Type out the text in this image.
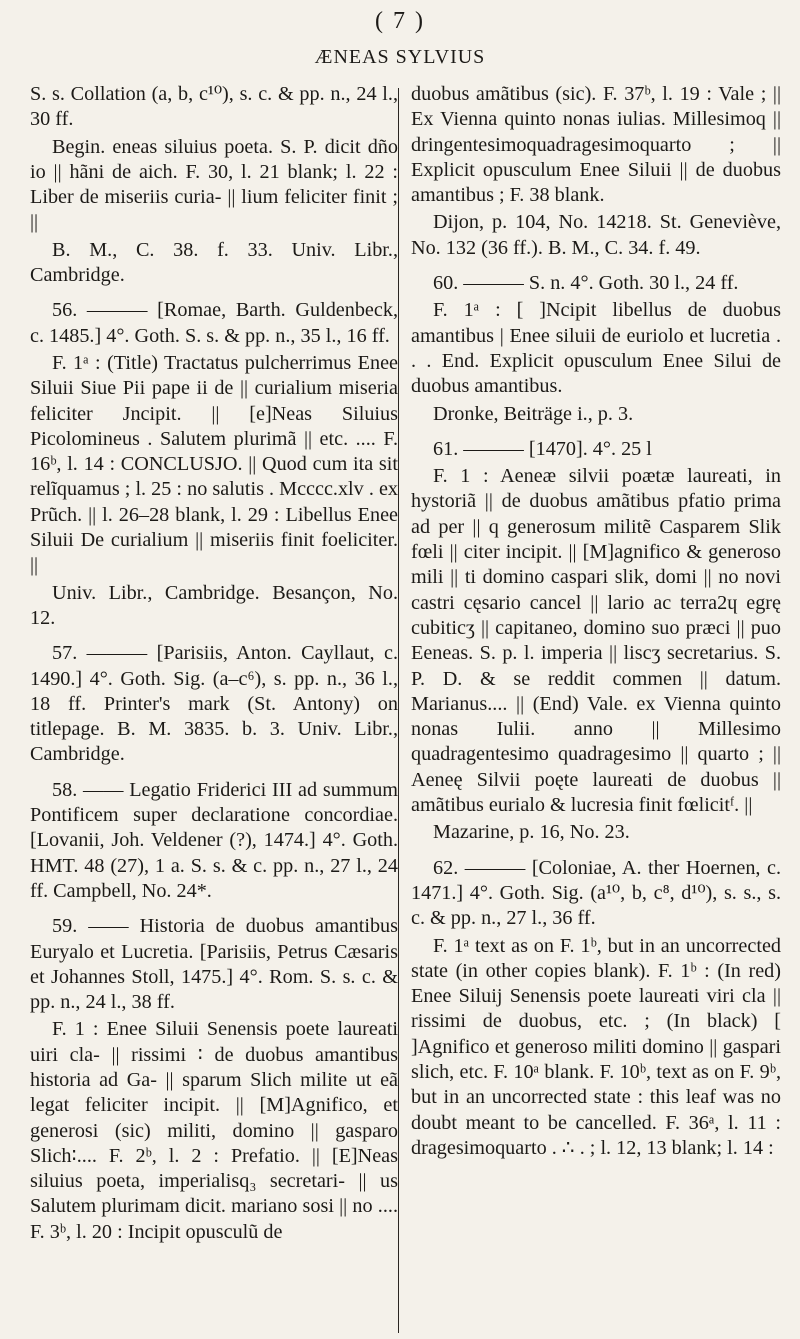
( 7 )
ÆNEAS SYLVIUS

S. s. Collation (a, b, c¹⁰), s. c. & pp. n., 24 l., 30 ff.

Begin. eneas siluius poeta. S. P. dicit dño io || hãni de aich. F. 30, l. 21 blank; l. 22 : Liber de miseriis curia- || lium feliciter finit ; ||

B. M., C. 38. f. 33. Univ. Libr., Cambridge.

56. ——— [Romae, Barth. Guldenbeck, c. 1485.] 4°. Goth. S. s. & pp. n., 35 l., 16 ff.

F. 1ᵃ : (Title) Tractatus pulcherrimus Enee Siluii Siue Pii pape ii de || curialium miseria feliciter Jncipit. || [e]Neas Siluius Picolomineus . Salutem plurimã || etc. .... F. 16ᵇ, l. 14 : CONCLUSJO. || Quod cum ita sit relĩquamus ; l. 25 : no salutis . Mcccc.xlv . ex Prũch. || l. 26–28 blank, l. 29 : Libellus Enee Siluii De curialium || miseriis finit foeliciter. ||

Univ. Libr., Cambridge. Besançon, No. 12.

57. ——— [Parisiis, Anton. Cayllaut, c. 1490.] 4°. Goth. Sig. (a–c⁶), s. pp. n., 36 l., 18 ff. Printer's mark (St. Antony) on titlepage. B. M. 3835. b. 3. Univ. Libr., Cambridge.

58. —— Legatio Friderici III ad summum Pontificem super declaratione concordiae. [Lovanii, Joh. Veldener (?), 1474.] 4°. Goth. HMT. 48 (27), 1 a. S. s. & c. pp. n., 27 l., 24 ff. Campbell, No. 24*.

59. —— Historia de duobus amantibus Euryalo et Lucretia. [Parisiis, Petrus Cæsaris et Johannes Stoll, 1475.] 4°. Rom. S. s. c. & pp. n., 24 l., 38 ff.

F. 1 : Enee Siluii Senensis poete laureati uiri cla- || rissimi ∶ de duobus amantibus historia ad Ga- || sparum Slich milite ut eã legat feliciter incipit. || [M]Agnifico, et generosi (sic) militi, domino || gasparo Slich∶.... F. 2ᵇ, l. 2 : Prefatio. || [E]Neas siluius poeta, imperialisq₃ secretari- || us Salutem plurimam dicit. mariano sosi || no .... F. 3ᵇ, l. 20 : Incipit opusculũ de

duobus amãtibus (sic). F. 37ᵇ, l. 19 : Vale ; || Ex Vienna quinto nonas iulias. Millesimoq || dringentesimoquadragesimoquarto ; || Explicit opusculum Enee Siluii || de duobus amantibus ; F. 38 blank.

Dijon, p. 104, No. 14218. St. Geneviève, No. 132 (36 ff.). B. M., C. 34. f. 49.

60. ——— S. n. 4°. Goth. 30 l., 24 ff.

F. 1ᵃ : [ ]Ncipit libellus de duobus amantibus | Enee siluii de euriolo et lucretia . . . End. Explicit opusculum Enee Silui de duobus amantibus.

Dronke, Beiträge i., p. 3.

61. ——— [1470]. 4°. 25 l

F. 1 : Aeneæ silvii poætæ laureati, in hystoriã || de duobus amãtibus pfatio prima ad per || q generosum militẽ Casparem Slik fœli || citer incipit. || [M]agnifico & generoso mili || ti domino caspari slik, domi || no novi castri cęsario cancel || lario ac terra2ɥ egrę cubiticʒ || capitaneo, domino suo præci || puo Eeneas. S. p. l. imperia || liscʒ secretarius. S. P. D. & se reddit commen || datum. Marianus.... || (End) Vale. ex Vienna quinto nonas Iulii. anno || Millesimo quadragentesimo quadragesimo || quarto ; || Aeneę Silvii poęte laureati de duobus || amãtibus eurialo & lucresia finit fœlicitᶠ. ||

Mazarine, p. 16, No. 23.

62. ——— [Coloniae, A. ther Hoernen, c. 1471.] 4°. Goth. Sig. (a¹⁰, b, c⁸, d¹⁰), s. s., s. c. & pp. n., 27 l., 36 ff.

F. 1ᵃ text as on F. 1ᵇ, but in an uncorrected state (in other copies blank). F. 1ᵇ : (In red) Enee Siluij Senensis poete laureati viri cla || rissimi de duobus, etc. ; (In black) [ ]Agnifico et generoso militi domino || gaspari slich, etc. F. 10ᵃ blank. F. 10ᵇ, text as on F. 9ᵇ, but in an uncorrected state : this leaf was no doubt meant to be cancelled. F. 36ᵃ, l. 11 : dragesimoquarto . ∴ . ; l. 12, 13 blank; l. 14 :
